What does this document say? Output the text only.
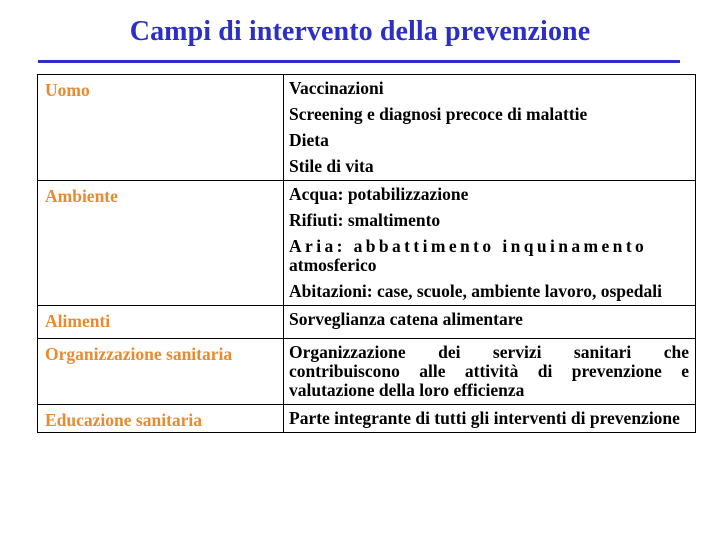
Campi di intervento della prevenzione
Uomo	Vaccinazioni
Screening e diagnosi precoce di malattie
Dieta
Stile di vita

Ambiente	Acqua: potabilizzazione
Rifiuti: smaltimento
Aria: abbattimento inquinamento
atmosferico
Abitazioni: case, scuole, ambiente lavoro, ospedali

Alimenti	Sorveglianza catena alimentare

Organizzazione sanitaria	Organizzazione dei servizi sanitari che contribuiscono alle attività di prevenzione e valutazione della loro efficienza

Educazione sanitaria	Parte integrante di tutti gli interventi di prevenzione
